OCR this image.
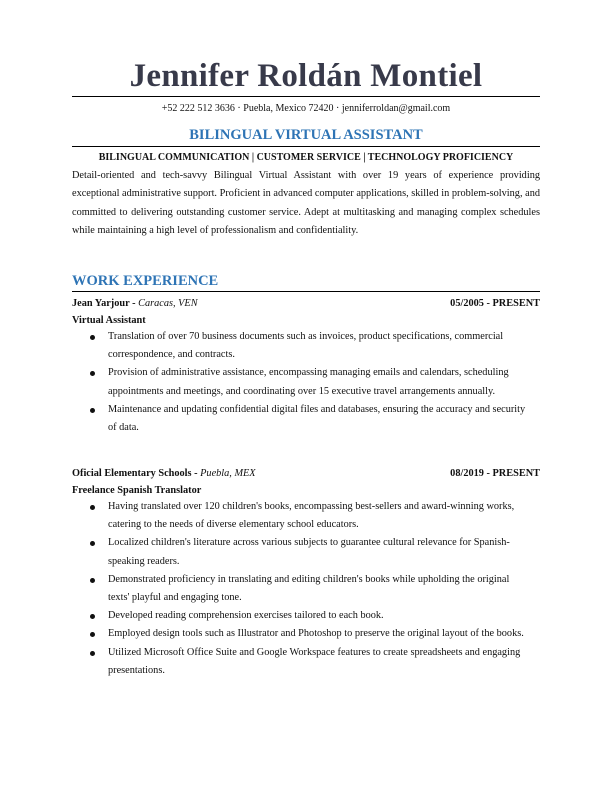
Jennifer Roldán Montiel
+52 222 512 3636 · Puebla, Mexico 72420 · jenniferroldan@gmail.com
BILINGUAL VIRTUAL ASSISTANT
BILINGUAL COMMUNICATION | CUSTOMER SERVICE | TECHNOLOGY PROFICIENCY
Detail-oriented and tech-savvy Bilingual Virtual Assistant with over 19 years of experience providing exceptional administrative support. Proficient in advanced computer applications, skilled in problem-solving, and committed to delivering outstanding customer service. Adept at multitasking and managing complex schedules while maintaining a high level of professionalism and confidentiality.
WORK EXPERIENCE
Jean Yarjour - Caracas, VEN	05/2005 - PRESENT
Virtual Assistant
Translation of over 70 business documents such as invoices, product specifications, commercial correspondence, and contracts.
Provision of administrative assistance, encompassing managing emails and calendars, scheduling appointments and meetings, and coordinating over 15 executive travel arrangements annually.
Maintenance and updating confidential digital files and databases, ensuring the accuracy and security of data.
Oficial Elementary Schools - Puebla, MEX	08/2019 - PRESENT
Freelance Spanish Translator
Having translated over 120 children's books, encompassing best-sellers and award-winning works, catering to the needs of diverse elementary school educators.
Localized children's literature across various subjects to guarantee cultural relevance for Spanish-speaking readers.
Demonstrated proficiency in translating and editing children's books while upholding the original texts' playful and engaging tone.
Developed reading comprehension exercises tailored to each book.
Employed design tools such as Illustrator and Photoshop to preserve the original layout of the books.
Utilized Microsoft Office Suite and Google Workspace features to create spreadsheets and engaging presentations.
